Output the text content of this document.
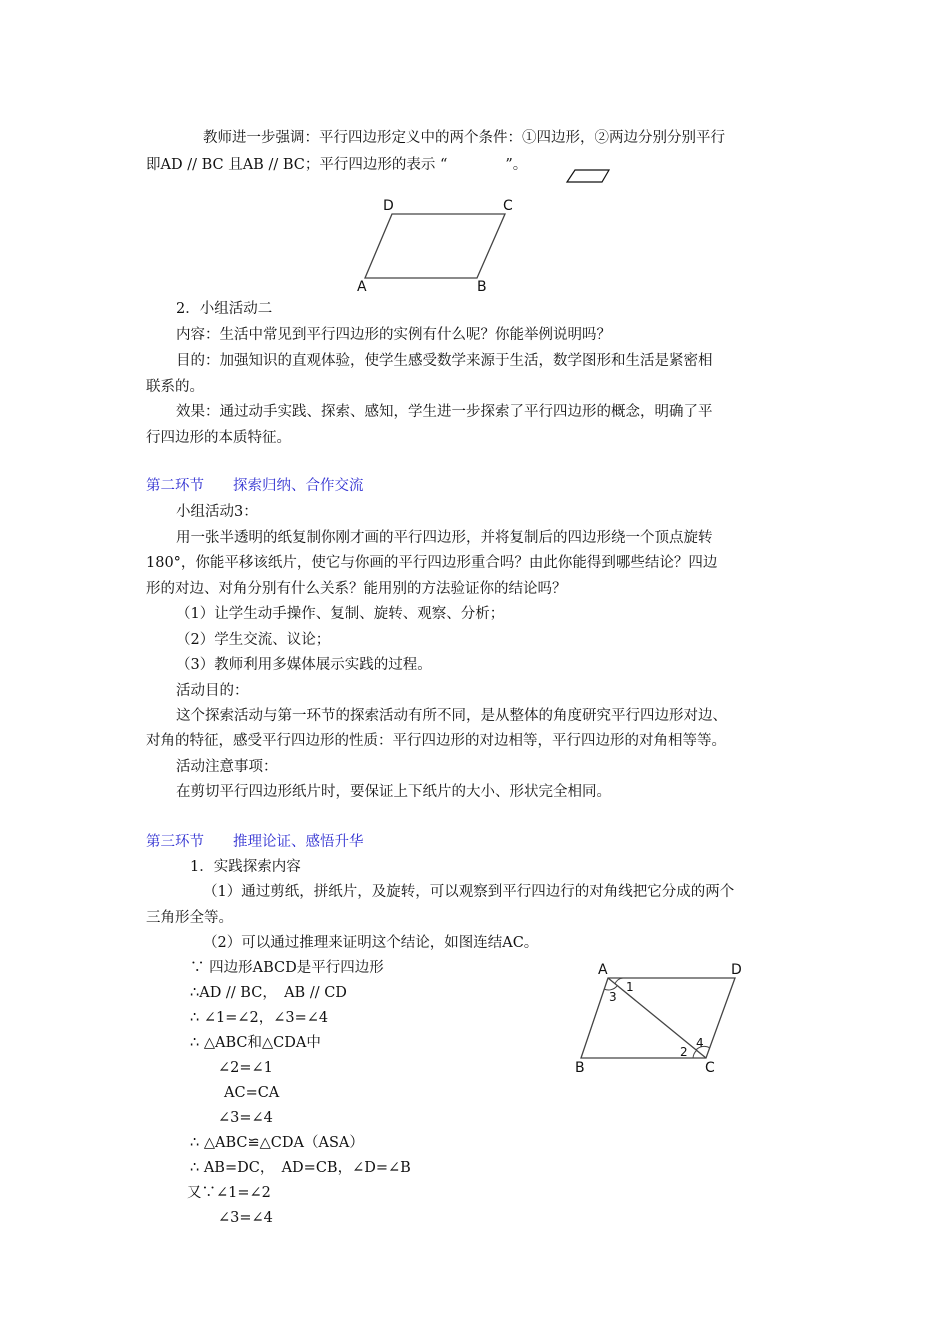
教师进一步强调：平行四边形定义中的两个条件：①四边形，②两边分别分别平行
即AD // BC 且AB // BC；平行四边形的表示 “　　　　”。
D	C
A	B
2．小组活动二
内容：生活中常见到平行四边形的实例有什么呢？你能举例说明吗？
目的：加强知识的直观体验，使学生感受数学来源于生活，数学图形和生活是紧密相
联系的。
效果：通过动手实践、探索、感知，学生进一步探索了平行四边形的概念，明确了平
行四边形的本质特征。
第二环节　　探索归纳、合作交流
小组活动3：
用一张半透明的纸复制你刚才画的平行四边形，并将复制后的四边形绕一个顶点旋转
180°，你能平移该纸片，使它与你画的平行四边形重合吗？由此你能得到哪些结论？四边
形的对边、对角分别有什么关系？能用别的方法验证你的结论吗？
（1）让学生动手操作、复制、旋转、观察、分析；
（2）学生交流、议论；
（3）教师利用多媒体展示实践的过程。
活动目的：
这个探索活动与第一环节的探索活动有所不同，是从整体的角度研究平行四边形对边、
对角的特征，感受平行四边形的性质：平行四边形的对边相等，平行四边形的对角相等等。
活动注意事项：
在剪切平行四边形纸片时，要保证上下纸片的大小、形状完全相同。
第三环节　　推理论证、感悟升华
1．实践探索内容
（1）通过剪纸，拼纸片，及旋转，可以观察到平行四边行的对角线把它分成的两个
三角形全等。
（2）可以通过推理来证明这个结论，如图连结AC。
∵ 四边形ABCD是平行四边形
∴AD // BC，　AB // CD
∴ ∠1=∠2，∠3=∠4
∴ △ABC和△CDA中
∠2=∠1
AC=CA
∠3=∠4
∴ △ABC≌△CDA（ASA）
∴ AB=DC，　AD=CB，∠D=∠B
又∵∠1=∠2
∠3=∠4
A	D
B	C
1
3
2
4
